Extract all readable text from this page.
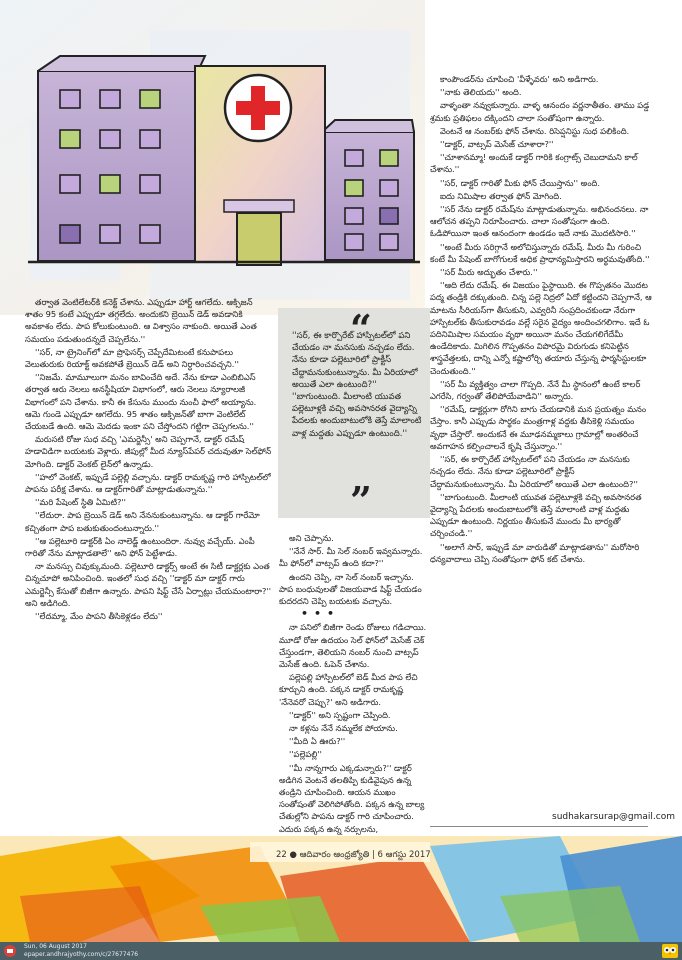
కాంపౌండర్‌ను చూపించి 'వీళ్ళేవరు' అని అడిగారు.

''నాకు తెలియదు'' అంది.

వాళ్ళంతా నవ్వుకున్నారు. వాళ్ళ ఆనందం వర్ణనాతీతం. తాము పడ్డ శ్రమకు ప్రతిఫలం దక్కిందని చాలా సంతోషంగా ఉన్నారు.

వెంటనే ఆ నంబర్‌కు ఫోన్ చేశాను. రిసెప్షనిస్టు సుధ పలికింది.

''డాక్టర్, వాట్సప్ మెసేజ్ చూశారా?''

''చూశానమ్మా! అందుకే డాక్టర్ గారికి కంగ్రాట్స్ చెబుదామని కాల్ చేశాను.''

''సర్, డాక్టర్ గారితో మీకు ఫోన్ చేయిస్తాను'' అంది.

ఐదు నిమిషాల తర్వాత ఫోన్ మోగింది.

''సర్ నేను డాక్టర్ రమేష్‌ను మాట్లాడుతున్నాను. అభినందనలు. నా ఆలోచన తప్పని నిరూపించారు. చాలా సంతోషంగా ఉంది. ఓడిపోయినా ఇంత ఆనందంగా ఉండడం ఇదే నాకు మొదటిసారి.''

''అంటే మీరు సరిగ్గానే అలోచిస్తున్నారు రమేష్. మీరు మీ గురించి కంటే మీ పేషెంట్ బాగోగులకే అధిక ప్రాధాన్యమిస్తారని అర్థమవుతోంది.''

''సర్ మీరు అద్భుతం చేశారు.''

''ఆది లేదు రమేష్. ఈ విజయం పైస్థాయిది. ఈ గొప్పతనం మొదట పద్మ తండ్రికి దక్కుతుంది. చిన్న పల్లె నిద్రలో ఏదో కట్టిందని చెప్పగానే, ఆ మాటను సీరియస్‌గా తీసుకుని, ఎవ్వరినీ సంప్రదించకుండా నేరుగా హాస్పిటల్‌కు తీసుకురావడం వల్లే సరైన వైద్యం అందించగలిగాం. ఇదే ఓ పదినిమిషాల సమయం వృథా అయినా మనం చేయగలిగేదేమీ ఉండేదికాదు. మిగిలిన గొప్పతనం విపొరమై విరుగుడు కనిపెట్టిన శాస్త్రవేత్తలకు, దాన్ని ఎన్నో కష్టాలోర్చి తయారు చేస్తున్న ఫార్మసిస్టులకూ చెందుతుంది.''

''సర్ మీ వ్యక్తిత్వం చాలా గొప్పది. నేనే మీ స్థానంలో ఉంటే కాలర్ ఎగరేసి, గర్వంతో తేలిపోయేవాడిని'' అన్నారు.

''రమేష్, డాక్టర్లుగా రోగిని బాగు చేయడానికి మన ప్రయత్నం మనం చేస్తాం. కానీ ఎప్పుడు సార్థకం మంత్రగాళ్ల వద్దకు తీసికెళ్లి సమయం వృథా చేస్తారో. అందుకనే ఈ మూఢనమ్మకాలు గ్రామాల్లో అంతరించే అవగాహన కల్పించాలనే కృషి చేస్తున్నాం.''

''సర్, ఈ కార్పొరేట్ హాస్పిటల్‌లో పని చేయడం నా మనసుకు నచ్చడం లేదు. నేను కూడా పల్లెటూరిలో ప్రాక్టీస్ చేద్దామనుకుంటున్నాను. మీ ఏరియాలో అయితే ఎలా ఉంటుంది?''

''బాగుంటుంది. మీలాంటి యువత పల్లెటూళ్లకి వచ్చి అవసానరత వైద్యాన్ని పేదలకు అందుబాటులోకి తెస్తే మాలాంటి వాళ్ల మద్దతు ఎప్పుడూ ఉంటుంది. నిర్ణయం తీసుకునే ముందు మీ భార్యతో చర్చించండి.''

''అలాగే సార్, ఇప్పుడే మా వారుడితో మాట్లాడతాను'' మరోసారి ధన్యవాదాలు చెప్పి సంతోషంగా ఫోన్ కట్ చేశాను.

తర్వాత వెంటిలేటర్‌కి కనెక్ట్ చేశాను. ఎప్పుడూ హార్ట్ ఆగలేదు. ఆక్సిజన్ శాతం 95 కంటే ఎప్పుడూ తగ్గలేదు. అందుకని బ్రెయిన్ డెడ్ అవడానికి అవకాశం లేదు. పాప కోలుకుంటుంది. ఆ విశ్వాసం నాకుంది. అయితే ఎంత సమయం పడుతుందన్నదే చెప్పలేను.''

''సర్, నా ట్రైనింగ్‌లో మా ప్రొఫెసర్స్ చెప్పేదేమిటంటే కనుపాపలు వెలుతురుకు రియాక్ట్ అవకపోతే బ్రెయిన్ డెడ్ అని నిర్ధారించవచ్చని.''

''నిజమే. మామూలుగా మనం బావించేది అదే. నేను కూడా ఎంబిబిఎస్ తర్వాత ఆరు నెలలు అనస్థీషియా విభాగంలో, ఆరు నెలలు న్యూరాలజీ విభాగంలో పని చేశాను. కానీ ఈ కేసును ముందు నుంచీ ఫాలో అయ్యాను. ఆమె గుండె ఎప్పుడూ ఆగలేదు. 95 శాతం ఆక్సిజన్‌తో బాగా వెంటిలేట్ చేయబడే ఉంది. ఆమె మెదడు ఇంకా పని చేస్తోందని గట్టిగా చెప్పగలను.''

మరుసటి రోజు సుధ వచ్చి 'ఎమర్జెన్సీ' అని చెప్పగానే, డాక్టర్ రమేష్ హడావిడిగా బయటకు వెళ్లారు. జీపుల్లో మీద న్యూస్‌పేపర్ చదువుతూ సెల్‌ఫోన్ మోగింది. డాక్టర్ వెంకట్ లైన్‌లో ఉన్నాడు.

''హలో వెంకట్, ఇప్పుడే పల్లెల్లి వచ్చాను. డాక్టర్ రామకృష్ణ గారి హాస్పిటల్‌లో పాపను పరీక్ష చేశాను. ఆ డాక్టర్‌గారితో మాట్లాడుతున్నాను.''

''మరి పేషెంట్ స్థితి ఏమిటి?''

''లేదురా. పాప బ్రెయిన్ డెడ్ అని నేననుకుంటున్నాను. ఆ డాక్టర్ గారేమో కచ్చితంగా పాప బతుకుతుందంటున్నారు.''

''ఆ పల్లెటూరి డాక్టర్‌కి ఏం నాలెడ్జ్ ఉంటుందిరా. నువ్వు వచ్చేయ్. ఎంపీ గారితో నేను మాట్లాడతాలే'' అని ఫోన్ పెట్టేశాడు.

నా మనస్సు చివుక్కుమంది. పల్లెటూరి డాక్టర్స్ అంటే ఈ సిటీ డాక్టర్లకు ఎంత చిన్నచూపో అనిపించింది. ఇంతలో సుధ వచ్చి ''డాక్టర్ మా డాక్టర్ గారు ఎమర్జెన్సీ కేసుతో బిజీగా ఉన్నారు. పాపని షిఫ్ట్ చేసే ఏర్పాట్లు చేయమంటారా?'' అని అడిగింది.

''లేదమ్మా, మేం పాపని తీసికెళ్లడం లేదు''

“
''సర్, ఈ కార్పొరేట్ హాస్పిటల్‌లో పని చేయడం నా మనసుకు నచ్చడం లేదు. నేను కూడా పల్లెటూరిలో ప్రాక్టీస్ చేద్దామనుకుంటున్నాను. మీ ఏరియాలో అయితే ఎలా ఉంటుంది?'' ''బాగుంటుంది. మీలాంటి యువత పల్లెటూళ్లకి వచ్చి అవసానరత వైద్యాన్ని పేదలకు అందుబాటులోకి తెస్తే మాలాంటి వాళ్ల మద్దతు ఎప్పుడూ ఉంటుంది.''
”

అని చెప్పాను.

''నేనే సార్. మీ సెల్ నంబర్ ఇవ్వమన్నారు. మీ ఫోన్‌లో వాట్సప్ ఉంది కదా?''

ఉందని చెప్పి, నా సెల్ నంబర్ ఇచ్చాను. పాప బంధువులతో విజయవాడ షిఫ్ట్ చేయడం కుదరదని చెప్పి బయటకు వచ్చాను.

•••

నా పనిలో బిజీగా రెండు రోజులు గడిచాయి. మూడో రోజు ఉదయం సెల్ ఫోన్‌లో మెసేజ్ చెక్ చేస్తుండగా, తెలియని నంబర్ నుంచి వాట్సప్ మెసేజ్ ఉంది. ఓపెన్ చేశాను.

పల్లెపల్లి హాస్పిటల్‌లో బెడ్‌ మీద పాప లేచి కూర్చుని ఉంది. పక్కన డాక్టర్ రామకృష్ణ 'నేనెవరో చెప్పు?' అని అడిగారు.

''డాక్టర్'' అని స్పష్టంగా చెప్పింది.

నా కళ్లను నేనే నమ్మలేక పోయాను.

''మీది ఏ ఊరు?''

''పల్లెపల్లి''

''మీ నాన్నగారు ఎక్కడున్నారు?'' డాక్టర్ అడిగిన వెంటనే తలతిప్పి కుడివైపున ఉన్న తండ్రిని చూపించింది. ఆయన ముఖం సంతోషంతో వెలిగిపోతోంది. పక్కన ఉన్న బాల్య చేతుల్లోని పాపను డాక్టర్ గారి చూపించారు. ఎదురు పక్కన ఉన్న నర్సులను,

sudhakarsurap@gmail.com
22 ● ఆదివారం ఆంధ్రజ్యోతి | 6 ఆగస్టు 2017
Sun, 06 August 2017
epaper.andhrajyothy.com/c/27677476
